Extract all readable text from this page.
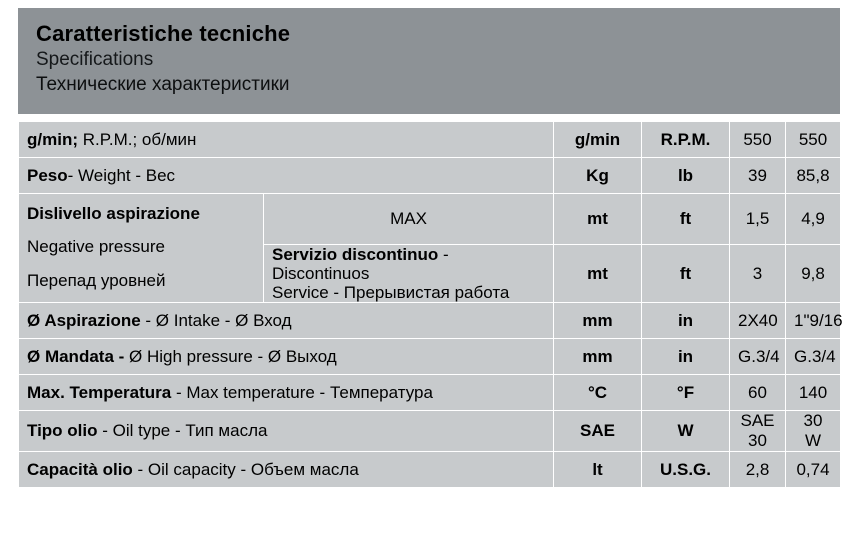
Caratteristiche tecniche
Specifications
Технические характеристики
g/min; R.P.M.; об/мин		g/min	R.P.M.	550	550
Peso- Weight - Вес		Kg	lb	39	85,8

Dislivello aspirazione
Negative pressure
Перепад уровней	MAX	mt	ft	1,5	4,9

	Servizio discontinuo - Discontinuos
Service - Прерывистая работа	mt	ft	3	9,8
Ø Aspirazione - Ø Intake - Ø Вход		mm	in	2X40	1"9/16
Ø Mandata - Ø High pressure - Ø Выход		mm	in	G.3/4	G.3/4
Max. Temperatura - Max temperature - Температура		°C	°F	60	140
Tipo olio - Oil type - Тип масла		SAE	W	SAE 30	30 W
Capacità olio - Oil capacity - Объем масла		lt	U.S.G.	2,8	0,74
